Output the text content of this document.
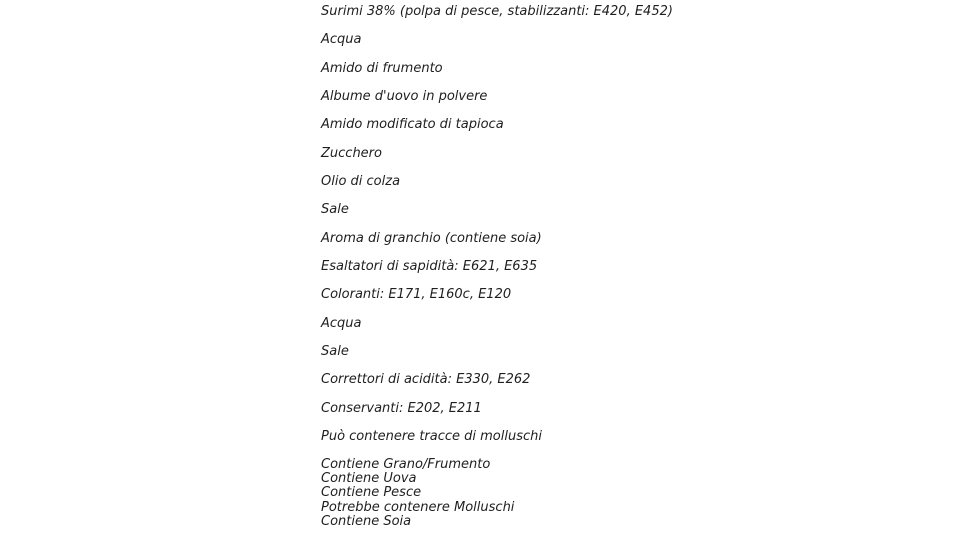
Surimi 38% (polpa di pesce, stabilizzanti: E420, E452)
Acqua
Amido di frumento
Albume d'uovo in polvere
Amido modificato di tapioca
Zucchero
Olio di colza
Sale
Aroma di granchio (contiene soia)
Esaltatori di sapidità: E621, E635
Coloranti: E171, E160c, E120
Acqua
Sale
Correttori di acidità: E330, E262
Conservanti: E202, E211
Può contenere tracce di molluschi
Contiene Grano/Frumento
Contiene Uova
Contiene Pesce
Potrebbe contenere Molluschi
Contiene Soia
